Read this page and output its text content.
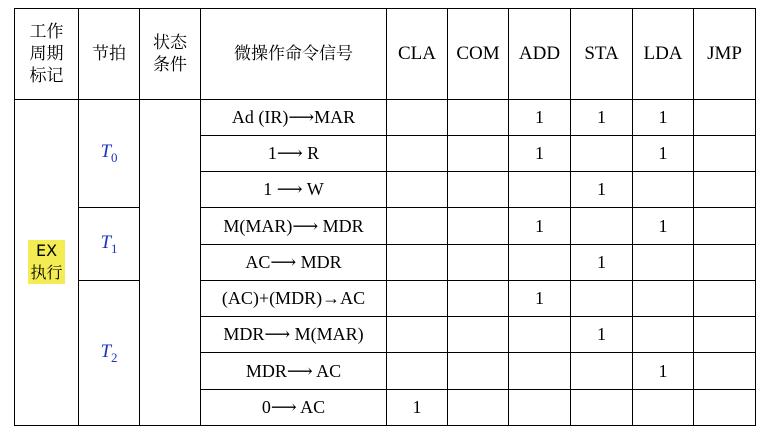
工作
周期
标记	节拍	状态
条件	微操作命令信号	CLA	COM	ADD	STA	LDA	JMP

EX
执行	$T_0$		Ad (IR)⟶MAR			1	1	1	
			1⟶ R			1		1	
			1 ⟶ W				1		
	$T_1$		M(MAR)⟶ MDR			1		1	
			AC⟶ MDR				1		
	$T_2$		(AC)+(MDR)→AC			1			
			MDR⟶ M(MAR)				1		
			MDR⟶ AC					1	
			0⟶ AC	1					
